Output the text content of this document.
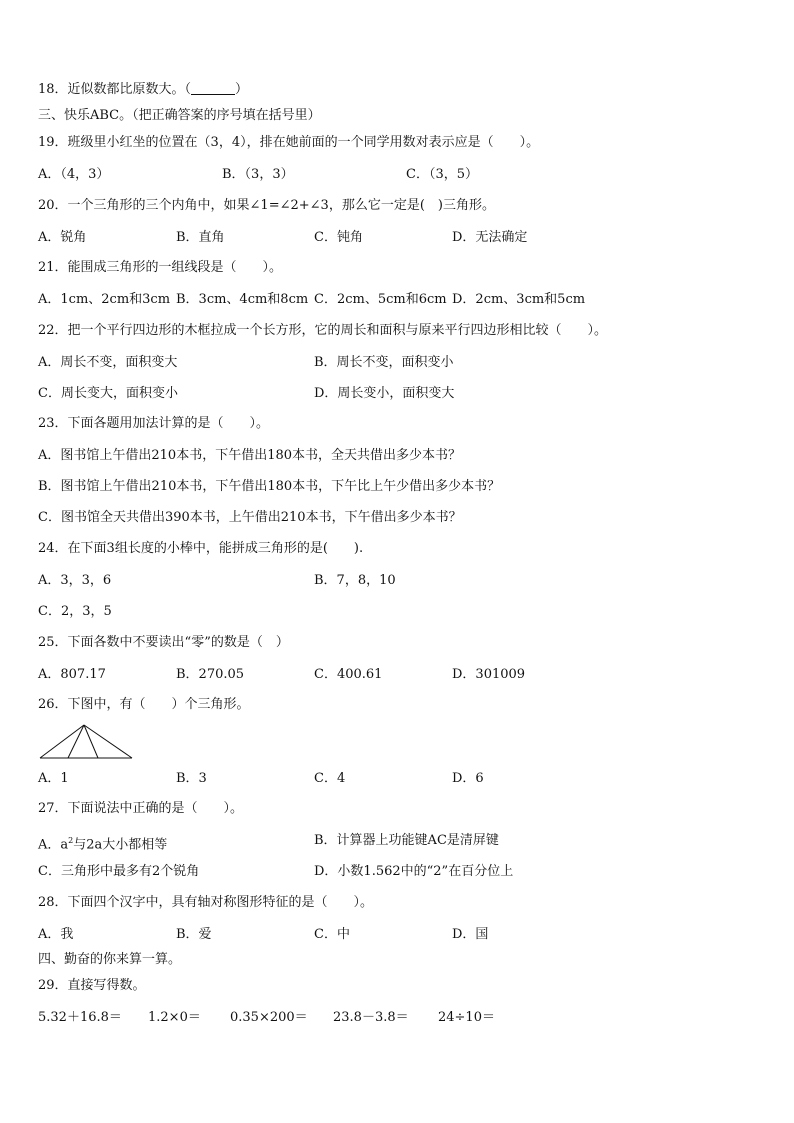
18．近似数都比原数大。（	）
三、快乐ABC。（把正确答案的序号填在括号里）
19．班级里小红坐的位置在（3，4），排在她前面的一个同学用数对表示应是（　　）。
A．（4，3）	B．（3，3）	C．（3，5）
20．一个三角形的三个内角中，如果∠1=∠2+∠3，那么它一定是(　)三角形。
A．锐角	B．直角	C．钝角	D．无法确定
21．能围成三角形的一组线段是（　　）。
A．1cm、2cm和3cm B．3cm、4cm和8cm C．2cm、5cm和6cm D．2cm、3cm和5cm
22．把一个平行四边形的木框拉成一个长方形，它的周长和面积与原来平行四边形相比较（　　）。
A．周长不变，面积变大	B．周长不变，面积变小
C．周长变大，面积变小	D．周长变小，面积变大
23．下面各题用加法计算的是（　　）。
A．图书馆上午借出210本书，下午借出180本书，全天共借出多少本书？
B．图书馆上午借出210本书，下午借出180本书，下午比上午少借出多少本书？
C．图书馆全天共借出390本书，上午借出210本书，下午借出多少本书？
24．在下面3组长度的小棒中，能拼成三角形的是(　　).
A．3，3，6	B．7，8，10
C．2，3，5
25．下面各数中不要读出“零”的数是（　）
A．807.17	B．270.05	C．400.61	D．301009
26．下图中，有（　　）个三角形。
A．1	B．3	C．4	D．6
27．下面说法中正确的是（　　）。
A．$a^2$与2a大小都相等	B．计算器上功能键AC是清屏键
C．三角形中最多有2个锐角	D．小数1.562中的“2”在百分位上
28．下面四个汉字中，具有轴对称图形特征的是（　　）。
A．我	B．爱	C．中	D．国
四、勤奋的你来算一算。
29．直接写得数。
5.32＋16.8＝ 1.2×0＝ 0.35×200＝ 23.8－3.8＝ 24÷10＝
